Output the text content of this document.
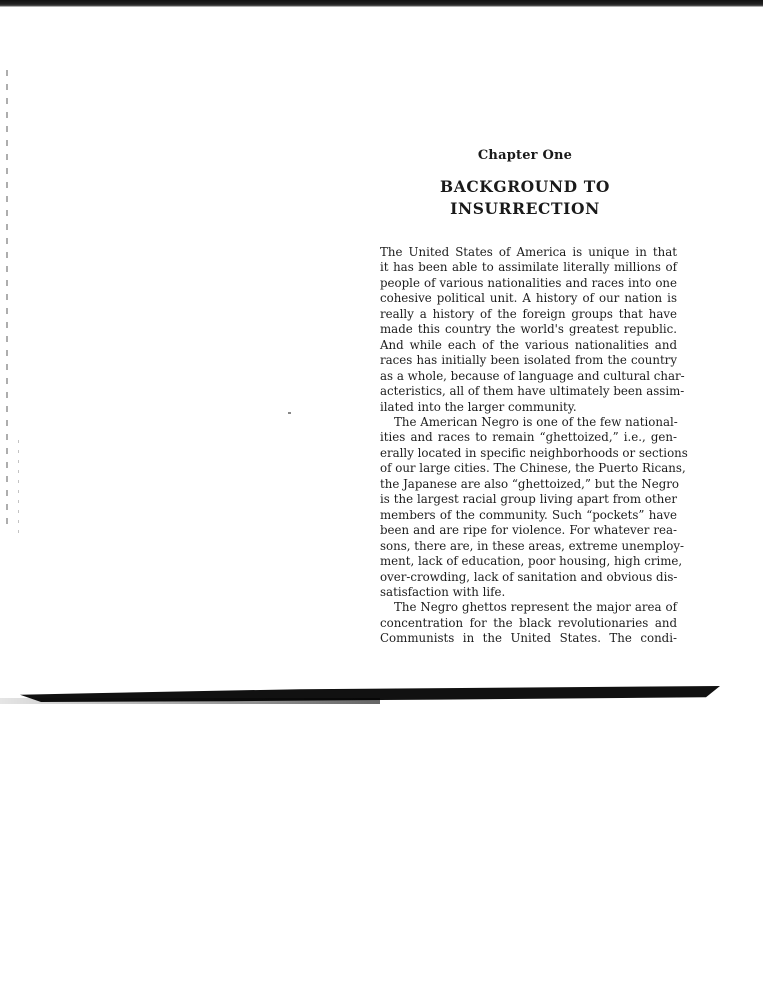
Chapter One
BACKGROUND TO
INSURRECTION
The United States of America is unique in that
it has been able to assimilate literally millions of
people of various nationalities and races into one
cohesive political unit. A history of our nation is
really a history of the foreign groups that have
made this country the world's greatest republic.
And while each of the various nationalities and
races has initially been isolated from the country
as a whole, because of language and cultural char-
acteristics, all of them have ultimately been assim-
ilated into the larger community.
The American Negro is one of the few national-
ities and races to remain “ghettoized,” i.e., gen-
erally located in specific neighborhoods or sections
of our large cities. The Chinese, the Puerto Ricans,
the Japanese are also “ghettoized,” but the Negro
is the largest racial group living apart from other
members of the community. Such “pockets” have
been and are ripe for violence. For whatever rea-
sons, there are, in these areas, extreme unemploy-
ment, lack of education, poor housing, high crime,
over-crowding, lack of sanitation and obvious dis-
satisfaction with life.
The Negro ghettos represent the major area of
concentration for the black revolutionaries and
Communists in the United States. The condi-
